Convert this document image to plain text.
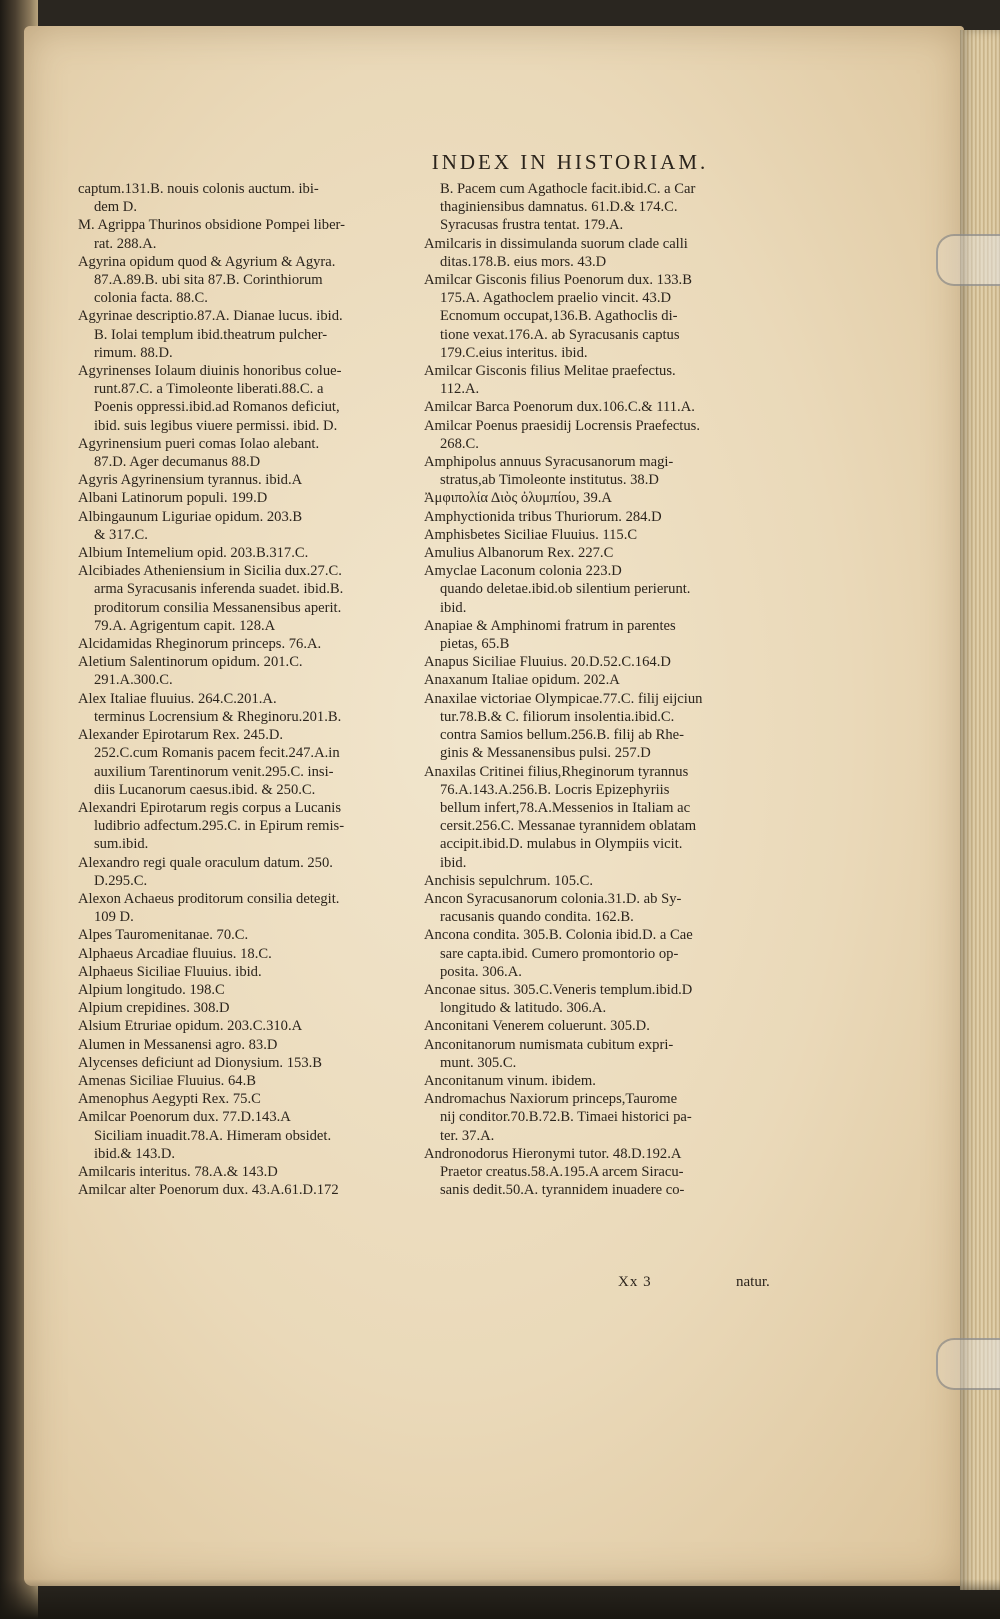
INDEX IN HISTORIAM.
captum.131.B. nouis colonis auctum. ibi-
dem D.
M. Agrippa Thurinos obsidione Pompei liber-
rat. 288.A.
Agyrina opidum quod & Agyrium & Agyra.
87.A.89.B. ubi sita 87.B. Corinthiorum
colonia facta. 88.C.
Agyrinae descriptio.87.A. Dianae lucus. ibid.
B. Iolai templum ibid.theatrum pulcher-
rimum. 88.D.
Agyrinenses Iolaum diuinis honoribus colue-
runt.87.C. a Timoleonte liberati.88.C. a
Poenis oppressi.ibid.ad Romanos deficiut,
ibid. suis legibus viuere permissi. ibid. D.
Agyrinensium pueri comas Iolao alebant.
87.D. Ager decumanus 88.D
Agyris Agyrinensium tyrannus. ibid.A
Albani Latinorum populi. 199.D
Albingaunum Liguriae opidum. 203.B
& 317.C.
Albium Intemelium opid. 203.B.317.C.
Alcibiades Atheniensium in Sicilia dux.27.C.
arma Syracusanis inferenda suadet. ibid.B.
proditorum consilia Messanensibus aperit.
79.A. Agrigentum capit. 128.A
Alcidamidas Rheginorum princeps. 76.A.
Aletium Salentinorum opidum. 201.C.
291.A.300.C.
Alex Italiae fluuius. 264.C.201.A.
terminus Locrensium & Rheginoru.201.B.
Alexander Epirotarum Rex. 245.D.
252.C.cum Romanis pacem fecit.247.A.in
auxilium Tarentinorum venit.295.C. insi-
diis Lucanorum caesus.ibid. & 250.C.
Alexandri Epirotarum regis corpus a Lucanis
ludibrio adfectum.295.C. in Epirum remis-
sum.ibid.
Alexandro regi quale oraculum datum. 250.
D.295.C.
Alexon Achaeus proditorum consilia detegit.
109 D.
Alpes Tauromenitanae. 70.C.
Alphaeus Arcadiae fluuius. 18.C.
Alphaeus Siciliae Fluuius. ibid.
Alpium longitudo. 198.C
Alpium crepidines. 308.D
Alsium Etruriae opidum. 203.C.310.A
Alumen in Messanensi agro. 83.D
Alycenses deficiunt ad Dionysium. 153.B
Amenas Siciliae Fluuius. 64.B
Amenophus Aegypti Rex. 75.C
Amilcar Poenorum dux. 77.D.143.A
Siciliam inuadit.78.A. Himeram obsidet.
ibid.& 143.D.
Amilcaris interitus. 78.A.& 143.D
Amilcar alter Poenorum dux. 43.A.61.D.172
B. Pacem cum Agathocle facit.ibid.C. a Car
thaginiensibus damnatus. 61.D.& 174.C.
Syracusas frustra tentat. 179.A.
Amilcaris in dissimulanda suorum clade calli
ditas.178.B. eius mors. 43.D
Amilcar Gisconis filius Poenorum dux. 133.B
175.A. Agathoclem praelio vincit. 43.D
Ecnomum occupat,136.B. Agathoclis di-
tione vexat.176.A. ab Syracusanis captus
179.C.eius interitus. ibid.
Amilcar Gisconis filius Melitae praefectus.
112.A.
Amilcar Barca Poenorum dux.106.C.& 111.A.
Amilcar Poenus praesidij Locrensis Praefectus.
268.C.
Amphipolus annuus Syracusanorum magi-
stratus,ab Timoleonte institutus. 38.D
Ἀμφιπολία Διὸς ὀλυμπίου, 39.A
Amphyctionida tribus Thuriorum. 284.D
Amphisbetes Siciliae Fluuius. 115.C
Amulius Albanorum Rex. 227.C
Amyclae Laconum colonia 223.D
quando deletae.ibid.ob silentium perierunt.
ibid.
Anapiae & Amphinomi fratrum in parentes
pietas, 65.B
Anapus Siciliae Fluuius. 20.D.52.C.164.D
Anaxanum Italiae opidum. 202.A
Anaxilae victoriae Olympicae.77.C. filij eijciun
tur.78.B.& C. filiorum insolentia.ibid.C.
contra Samios bellum.256.B. filij ab Rhe-
ginis & Messanensibus pulsi. 257.D
Anaxilas Critinei filius,Rheginorum tyrannus
76.A.143.A.256.B. Locris Epizephyriis
bellum infert,78.A.Messenios in Italiam ac
cersit.256.C. Messanae tyrannidem oblatam
accipit.ibid.D. mulabus in Olympiis vicit.
ibid.
Anchisis sepulchrum. 105.C.
Ancon Syracusanorum colonia.31.D. ab Sy-
racusanis quando condita. 162.B.
Ancona condita. 305.B. Colonia ibid.D. a Cae
sare capta.ibid. Cumero promontorio op-
posita. 306.A.
Anconae situs. 305.C.Veneris templum.ibid.D
longitudo & latitudo. 306.A.
Anconitani Venerem coluerunt. 305.D.
Anconitanorum numismata cubitum expri-
munt. 305.C.
Anconitanum vinum. ibidem.
Andromachus Naxiorum princeps,Taurome
nij conditor.70.B.72.B. Timaei historici pa-
ter. 37.A.
Andronodorus Hieronymi tutor. 48.D.192.A
Praetor creatus.58.A.195.A arcem Siracu-
sanis dedit.50.A. tyrannidem inuadere co-
Xx 3	natur.
